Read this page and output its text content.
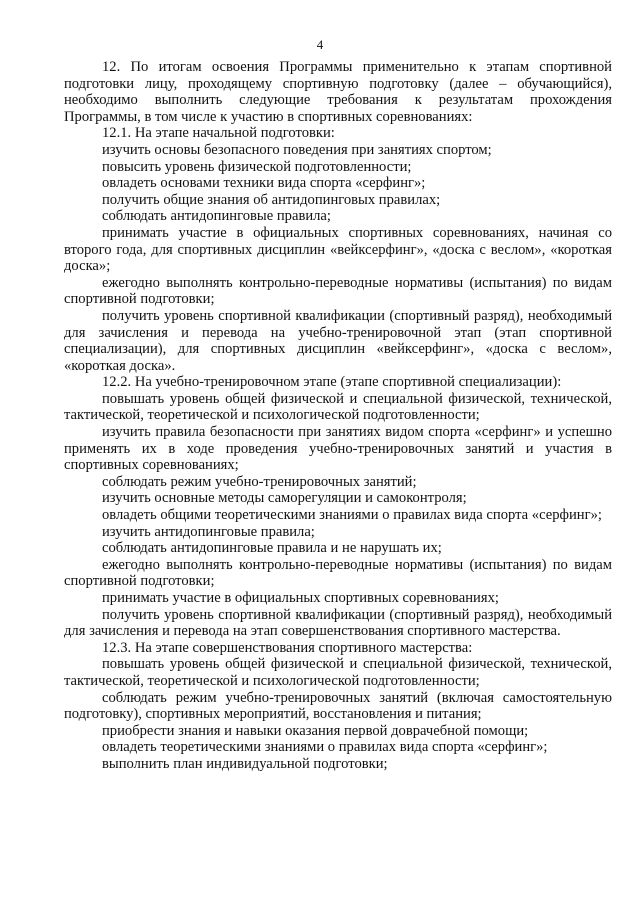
4

12. По итогам освоения Программы применительно к этапам спортивной подготовки лицу, проходящему спортивную подготовку (далее – обучающийся), необходимо выполнить следующие требования к результатам прохождения Программы, в том числе к участию в спортивных соревнованиях:

12.1. На этапе начальной подготовки:

изучить основы безопасного поведения при занятиях спортом;

повысить уровень физической подготовленности;

овладеть основами техники вида спорта «серфинг»;

получить общие знания об антидопинговых правилах;

соблюдать антидопинговые правила;

принимать участие в официальных спортивных соревнованиях, начиная со второго года, для спортивных дисциплин «вейксерфинг», «доска с веслом», «короткая доска»;

ежегодно выполнять контрольно-переводные нормативы (испытания) по видам спортивной подготовки;

получить уровень спортивной квалификации (спортивный разряд), необходимый для зачисления и перевода на учебно-тренировочной этап (этап спортивной специализации), для спортивных дисциплин «вейксерфинг», «доска с веслом», «короткая доска».

12.2. На учебно-тренировочном этапе (этапе спортивной специализации):

повышать уровень общей физической и специальной физической, технической, тактической, теоретической и психологической подготовленности;

изучить правила безопасности при занятиях видом спорта «серфинг» и успешно применять их в ходе проведения учебно-тренировочных занятий и участия в спортивных соревнованиях;

соблюдать режим учебно-тренировочных занятий;

изучить основные методы саморегуляции и самоконтроля;

овладеть общими теоретическими знаниями о правилах вида спорта «серфинг»;

изучить антидопинговые правила;

соблюдать антидопинговые правила и не нарушать их;

ежегодно выполнять контрольно-переводные нормативы (испытания) по видам спортивной подготовки;

принимать участие в официальных спортивных соревнованиях;

получить уровень спортивной квалификации (спортивный разряд), необходимый для зачисления и перевода на этап совершенствования спортивного мастерства.

12.3. На этапе совершенствования спортивного мастерства:

повышать уровень общей физической и специальной физической, технической, тактической, теоретической и психологической подготовленности;

соблюдать режим учебно-тренировочных занятий (включая самостоятельную подготовку), спортивных мероприятий, восстановления и питания;

приобрести знания и навыки оказания первой доврачебной помощи;

овладеть теоретическими знаниями о правилах вида спорта «серфинг»;

выполнить план индивидуальной подготовки;
